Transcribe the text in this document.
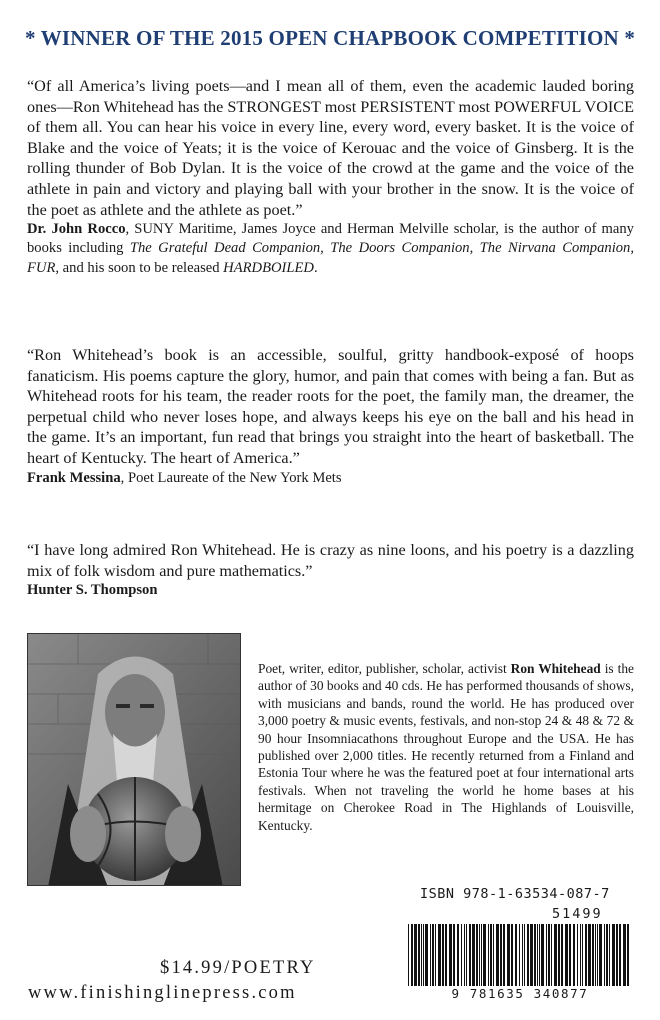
* WINNER OF THE 2015 OPEN CHAPBOOK COMPETITION *

“Of all America’s living poets—and I mean all of them, even the academic lauded boring ones—Ron Whitehead has the STRONGEST most PERSISTENT most POWERFUL VOICE of them all. You can hear his voice in every line, every word, every basket. It is the voice of Blake and the voice of Yeats; it is the voice of Kerouac and the voice of Ginsberg. It is the rolling thunder of Bob Dylan. It is the voice of the crowd at the game and the voice of the athlete in pain and victory and playing ball with your brother in the snow. It is the voice of the poet as athlete and the athlete as poet.”

Dr. John Rocco, SUNY Maritime, James Joyce and Herman Melville scholar, is the author of many books including The Grateful Dead Companion, The Doors Companion, The Nirvana Companion, FUR, and his soon to be released HARDBOILED.

“Ron Whitehead’s book is an accessible, soulful, gritty handbook-exposé of hoops fanaticism. His poems capture the glory, humor, and pain that comes with being a fan. But as Whitehead roots for his team, the reader roots for the poet, the family man, the dreamer, the perpetual child who never loses hope, and always keeps his eye on the ball and his head in the game. It’s an important, fun read that brings you straight into the heart of basketball. The heart of Kentucky. The heart of America.”

Frank Messina, Poet Laureate of the New York Mets

“I have long admired Ron Whitehead. He is crazy as nine loons, and his poetry is a dazzling mix of folk wisdom and pure mathematics.”

Hunter S. Thompson

Poet, writer, editor, publisher, scholar, activist Ron Whitehead is the author of 30 books and 40 cds. He has performed thousands of shows, with musicians and bands, round the world. He has produced over 3,000 poetry & music events, festivals, and non-stop 24 & 48 & 72 & 90 hour Insomniacathons throughout Europe and the USA. He has published over 2,000 titles. He recently returned from a Finland and Estonia Tour where he was the featured poet at four international arts festivals. When not traveling the world he home bases at his hermitage on Cherokee Road in The Highlands of Louisville, Kentucky.
ISBN 978-1-63534-087-7
51499
9 781635 340877
$14.99/POETRY
www.finishinglinepress.com
